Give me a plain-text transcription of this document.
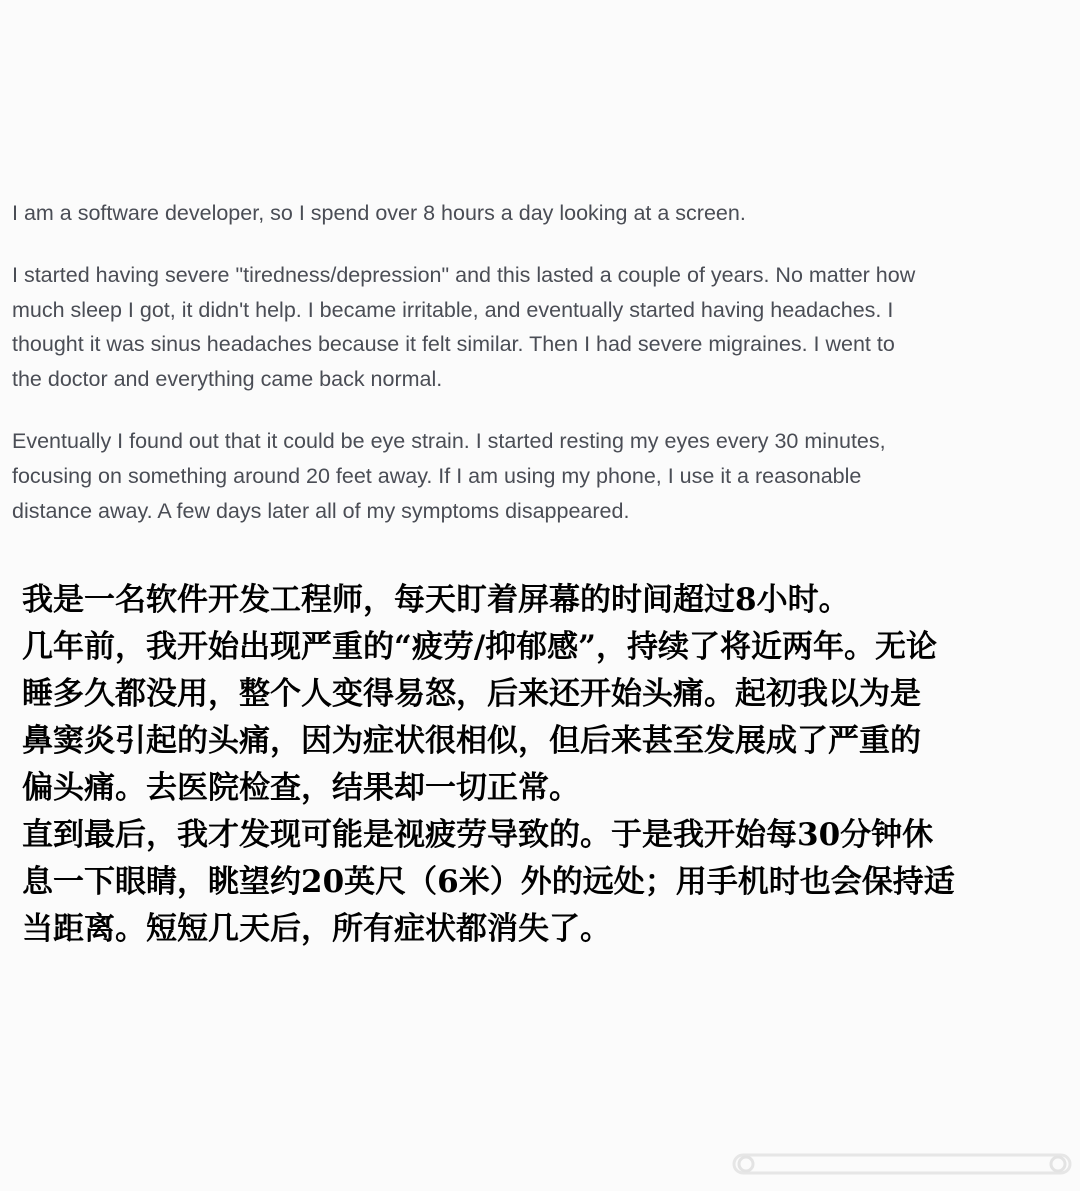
I am a software developer, so I spend over 8 hours a day looking at a screen.

I started having severe "tiredness/depression" and this lasted a couple of years. No matter how
much sleep I got, it didn't help. I became irritable, and eventually started having headaches. I
thought it was sinus headaches because it felt similar. Then I had severe migraines. I went to
the doctor and everything came back normal.

Eventually I found out that it could be eye strain. I started resting my eyes every 30 minutes,
focusing on something around 20 feet away. If I am using my phone, I use it a reasonable
distance away. A few days later all of my symptoms disappeared.

我是一名软件开发工程师，每天盯着屏幕的时间超过8小时。

几年前，我开始出现严重的“疲劳/抑郁感”，持续了将近两年。无论

睡多久都没用，整个人变得易怒，后来还开始头痛。起初我以为是

鼻窦炎引起的头痛，因为症状很相似，但后来甚至发展成了严重的

偏头痛。去医院检查，结果却一切正常。

直到最后，我才发现可能是视疲劳导致的。于是我开始每30分钟休

息一下眼睛，眺望约20英尺（6米）外的远处；用手机时也会保持适

当距离。短短几天后，所有症状都消失了。
